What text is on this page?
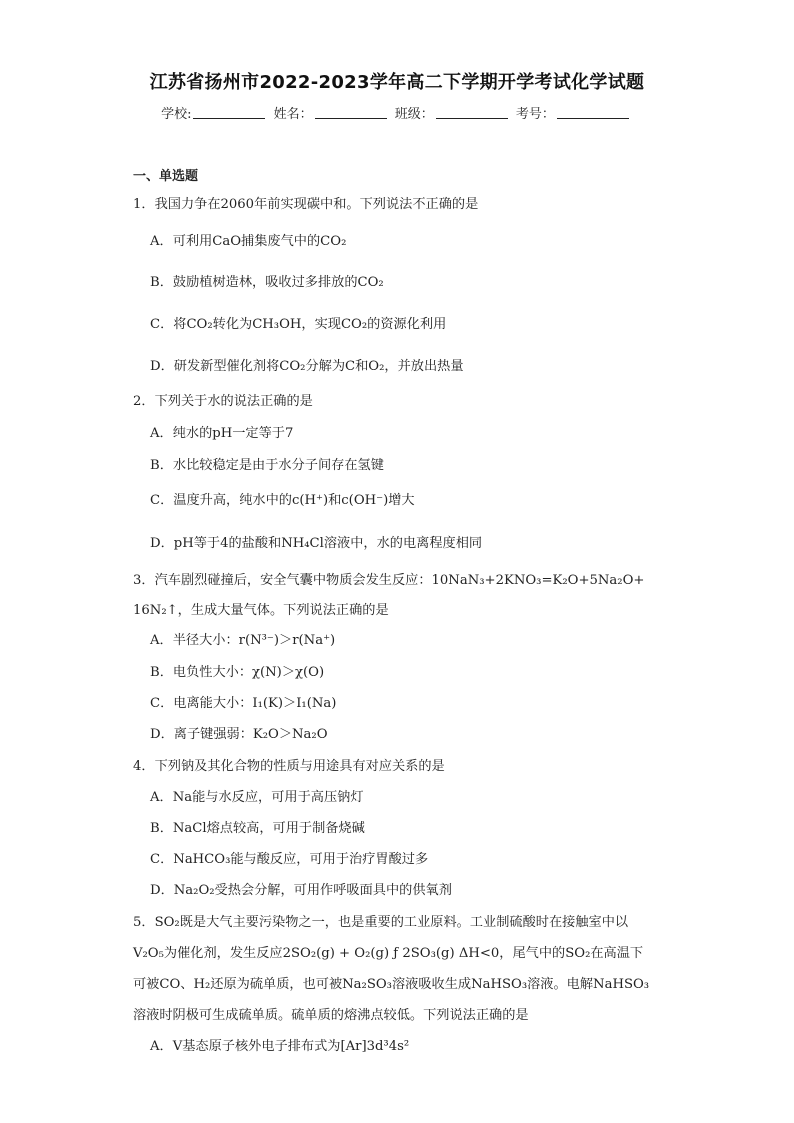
江苏省扬州市2022-2023学年高二下学期开学考试化学试题
学校:	姓名：	班级：	考号：
一、单选题
1．我国力争在2060年前实现碳中和。下列说法不正确的是
A．可利用CaO捕集废气中的CO₂
B．鼓励植树造林，吸收过多排放的CO₂
C．将CO₂转化为CH₃OH，实现CO₂的资源化利用
D．研发新型催化剂将CO₂分解为C和O₂，并放出热量
2．下列关于水的说法正确的是
A．纯水的pH一定等于7
B．水比较稳定是由于水分子间存在氢键
C．温度升高，纯水中的c(H⁺)和c(OH⁻)增大
D．pH等于4的盐酸和NH₄Cl溶液中，水的电离程度相同
3．汽车剧烈碰撞后，安全气囊中物质会发生反应：10NaN₃+2KNO₃=K₂O+5Na₂O+
16N₂↑，生成大量气体。下列说法正确的是
A．半径大小：r(N³⁻)＞r(Na⁺)
B．电负性大小：χ(N)＞χ(O)
C．电离能大小：I₁(K)＞I₁(Na)
D．离子键强弱：K₂O＞Na₂O
4．下列钠及其化合物的性质与用途具有对应关系的是
A．Na能与水反应，可用于高压钠灯
B．NaCl熔点较高，可用于制备烧碱
C．NaHCO₃能与酸反应，可用于治疗胃酸过多
D．Na₂O₂受热会分解，可用作呼吸面具中的供氧剂
5．SO₂既是大气主要污染物之一，也是重要的工业原料。工业制硫酸时在接触室中以
V₂O₅为催化剂，发生反应2SO₂(g) + O₂(g) ƒ 2SO₃(g) ΔH<0，尾气中的SO₂在高温下
可被CO、H₂还原为硫单质，也可被Na₂SO₃溶液吸收生成NaHSO₃溶液。电解NaHSO₃
溶液时阴极可生成硫单质。硫单质的熔沸点较低。下列说法正确的是
A．V基态原子核外电子排布式为[Ar]3d³4s²
